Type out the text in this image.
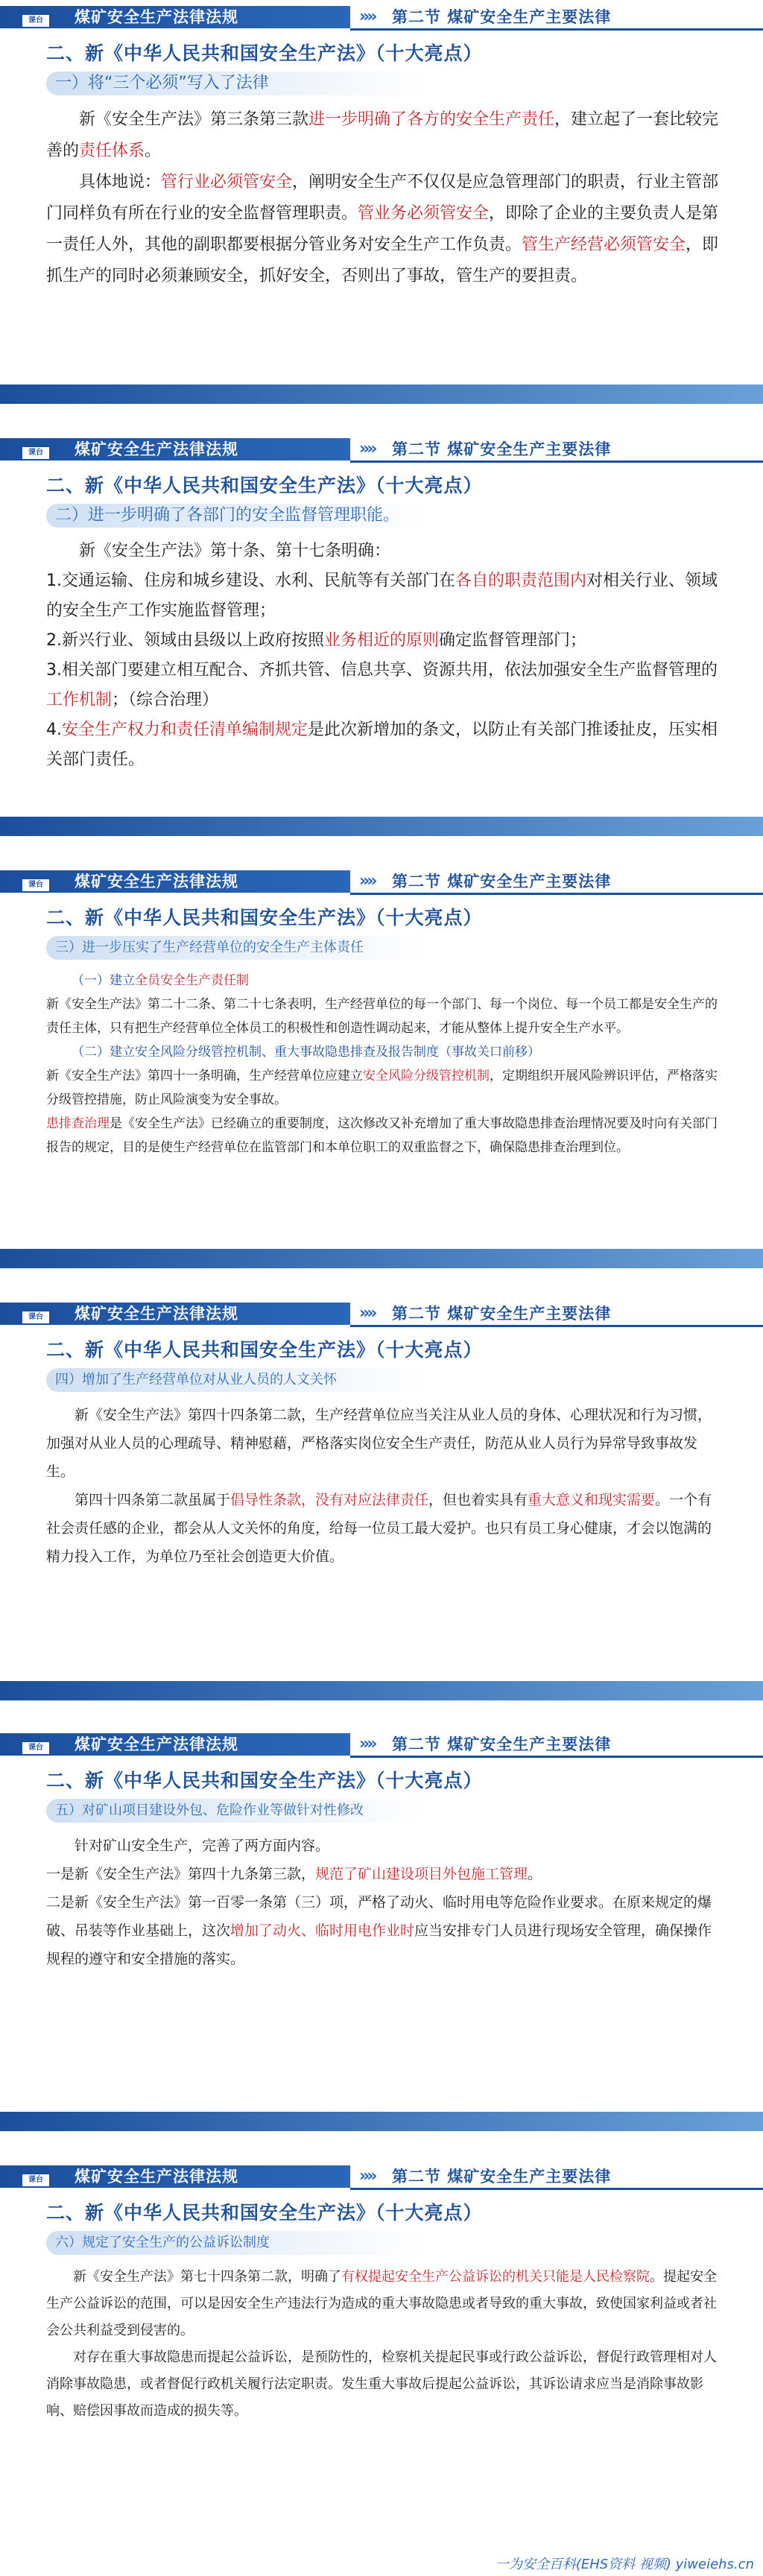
课台	煤矿安全生产法律法规	»» 第二节 煤矿安全生产主要法律
二、新《中华人民共和国安全生产法》（十大亮点）
一）将“三个必须”写入了法律

新《安全生产法》第三条第三款进一步明确了各方的安全生产责任，建立起了一套比较完善的责任体系。

具体地说：管行业必须管安全，阐明安全生产不仅仅是应急管理部门的职责，行业主管部门同样负有所在行业的安全监督管理职责。管业务必须管安全，即除了企业的主要负责人是第一责任人外，其他的副职都要根据分管业务对安全生产工作负责。管生产经营必须管安全，即抓生产的同时必须兼顾安全，抓好安全，否则出了事故，管生产的要担责。

课台	煤矿安全生产法律法规	»» 第二节 煤矿安全生产主要法律
二、新《中华人民共和国安全生产法》（十大亮点）
二）进一步明确了各部门的安全监督管理职能。

新《安全生产法》第十条、第十七条明确：

1.交通运输、住房和城乡建设、水利、民航等有关部门在各自的职责范围内对相关行业、领域的安全生产工作实施监督管理；

2.新兴行业、领域由县级以上政府按照业务相近的原则确定监督管理部门；

3.相关部门要建立相互配合、齐抓共管、信息共享、资源共用，依法加强安全生产监督管理的工作机制；（综合治理）

4.安全生产权力和责任清单编制规定是此次新增加的条文，以防止有关部门推诿扯皮，压实相关部门责任。

课台	煤矿安全生产法律法规	»» 第二节 煤矿安全生产主要法律
二、新《中华人民共和国安全生产法》（十大亮点）
三）进一步压实了生产经营单位的安全生产主体责任

（一）建立全员安全生产责任制

新《安全生产法》第二十二条、第二十七条表明，生产经营单位的每一个部门、每一个岗位、每一个员工都是安全生产的责任主体，只有把生产经营单位全体员工的积极性和创造性调动起来，才能从整体上提升安全生产水平。

（二）建立安全风险分级管控机制、重大事故隐患排查及报告制度（事故关口前移）

新《安全生产法》第四十一条明确，生产经营单位应建立安全风险分级管控机制，定期组织开展风险辨识评估，严格落实分级管控措施，防止风险演变为安全事故。

患排查治理是《安全生产法》已经确立的重要制度，这次修改又补充增加了重大事故隐患排查治理情况要及时向有关部门报告的规定，目的是使生产经营单位在监管部门和本单位职工的双重监督之下，确保隐患排查治理到位。

课台	煤矿安全生产法律法规	»» 第二节 煤矿安全生产主要法律
二、新《中华人民共和国安全生产法》（十大亮点）
四）增加了生产经营单位对从业人员的人文关怀

新《安全生产法》第四十四条第二款，生产经营单位应当关注从业人员的身体、心理状况和行为习惯，加强对从业人员的心理疏导、精神慰藉，严格落实岗位安全生产责任，防范从业人员行为异常导致事故发生。

第四十四条第二款虽属于倡导性条款，没有对应法律责任，但也着实具有重大意义和现实需要。一个有社会责任感的企业，都会从人文关怀的角度，给每一位员工最大爱护。也只有员工身心健康，才会以饱满的精力投入工作，为单位乃至社会创造更大价值。

课台	煤矿安全生产法律法规	»» 第二节 煤矿安全生产主要法律
二、新《中华人民共和国安全生产法》（十大亮点）
五）对矿山项目建设外包、危险作业等做针对性修改

针对矿山安全生产，完善了两方面内容。

一是新《安全生产法》第四十九条第三款，规范了矿山建设项目外包施工管理。

二是新《安全生产法》第一百零一条第（三）项，严格了动火、临时用电等危险作业要求。在原来规定的爆破、吊装等作业基础上，这次增加了动火、临时用电作业时应当安排专门人员进行现场安全管理，确保操作规程的遵守和安全措施的落实。

课台	煤矿安全生产法律法规	»» 第二节 煤矿安全生产主要法律
二、新《中华人民共和国安全生产法》（十大亮点）
六）规定了安全生产的公益诉讼制度

新《安全生产法》第七十四条第二款，明确了有权提起安全生产公益诉讼的机关只能是人民检察院。提起安全生产公益诉讼的范围，可以是因安全生产违法行为造成的重大事故隐患或者导致的重大事故，致使国家利益或者社会公共利益受到侵害的。

对存在重大事故隐患而提起公益诉讼，是预防性的，检察机关提起民事或行政公益诉讼，督促行政管理相对人消除事故隐患，或者督促行政机关履行法定职责。发生重大事故后提起公益诉讼，其诉讼请求应当是消除事故影响、赔偿因事故而造成的损失等。

一为安全百科(EHS资料 视频) yiweiehs.cn
